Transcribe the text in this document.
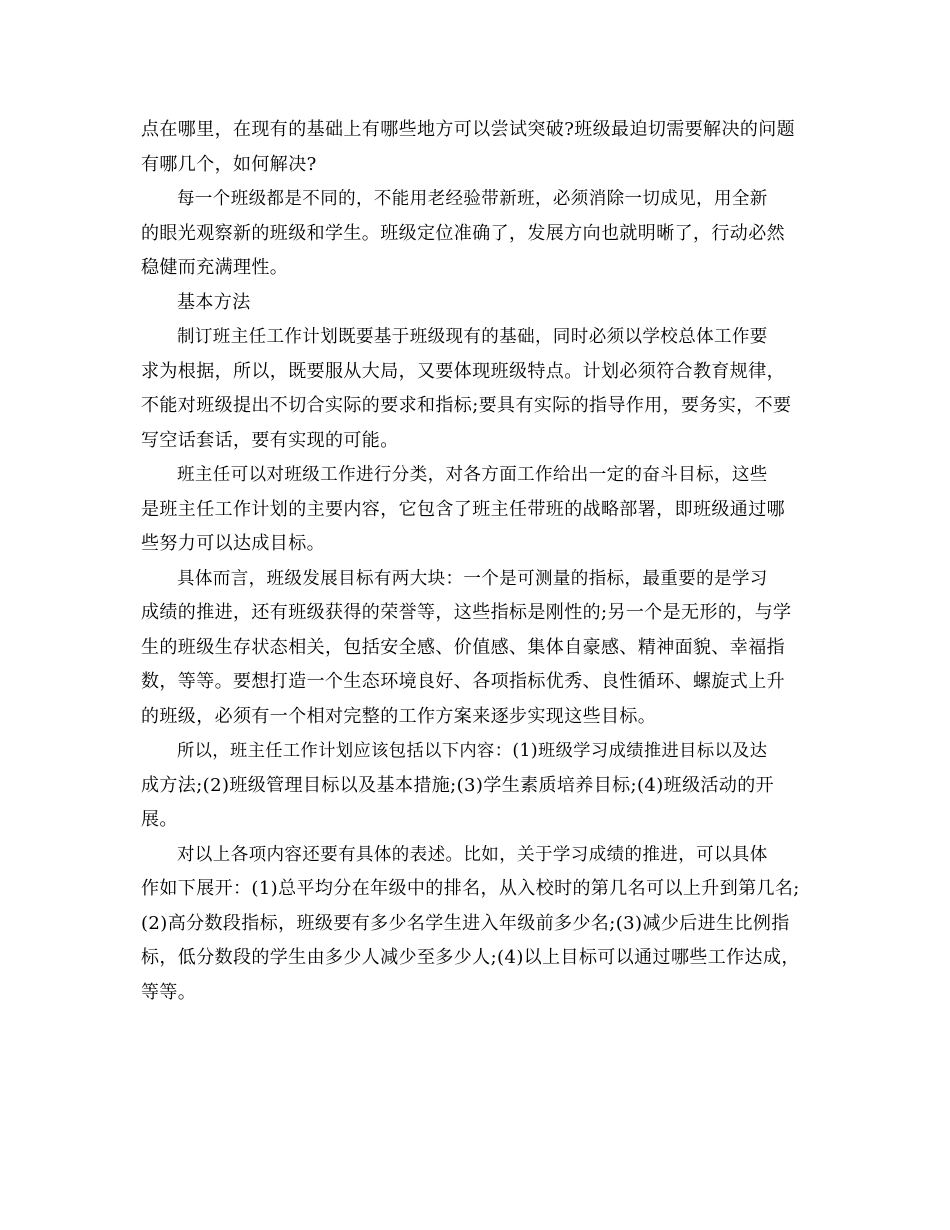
点在哪里，在现有的基础上有哪些地方可以尝试突破?班级最迫切需要解决的问题
有哪几个，如何解决?
每一个班级都是不同的，不能用老经验带新班，必须消除一切成见，用全新
的眼光观察新的班级和学生。班级定位准确了，发展方向也就明晰了，行动必然
稳健而充满理性。
基本方法
制订班主任工作计划既要基于班级现有的基础，同时必须以学校总体工作要
求为根据，所以，既要服从大局，又要体现班级特点。计划必须符合教育规律，
不能对班级提出不切合实际的要求和指标;要具有实际的指导作用，要务实，不要
写空话套话，要有实现的可能。
班主任可以对班级工作进行分类，对各方面工作给出一定的奋斗目标，这些
是班主任工作计划的主要内容，它包含了班主任带班的战略部署，即班级通过哪
些努力可以达成目标。
具体而言，班级发展目标有两大块：一个是可测量的指标，最重要的是学习
成绩的推进，还有班级获得的荣誉等，这些指标是刚性的;另一个是无形的，与学
生的班级生存状态相关，包括安全感、价值感、集体自豪感、精神面貌、幸福指
数，等等。要想打造一个生态环境良好、各项指标优秀、良性循环、螺旋式上升
的班级，必须有一个相对完整的工作方案来逐步实现这些目标。
所以，班主任工作计划应该包括以下内容：(1)班级学习成绩推进目标以及达
成方法;(2)班级管理目标以及基本措施;(3)学生素质培养目标;(4)班级活动的开
展。
对以上各项内容还要有具体的表述。比如，关于学习成绩的推进，可以具体
作如下展开：(1)总平均分在年级中的排名，从入校时的第几名可以上升到第几名;
(2)高分数段指标，班级要有多少名学生进入年级前多少名;(3)减少后进生比例指
标，低分数段的学生由多少人减少至多少人;(4)以上目标可以通过哪些工作达成，
等等。
